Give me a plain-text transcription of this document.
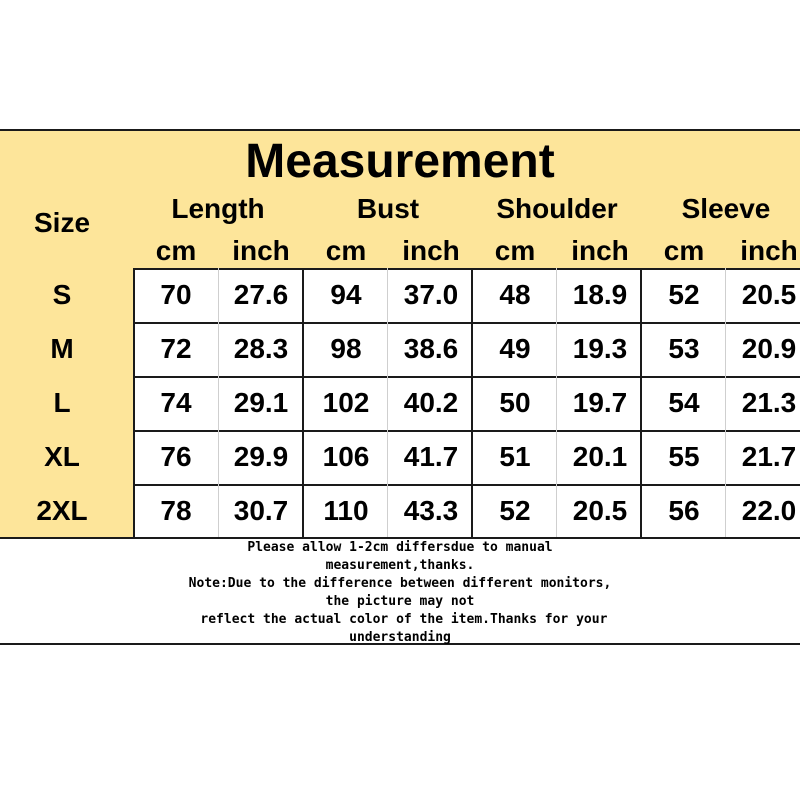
Measurement
Size	Length	Bust	Shoulder	Sleeve
cm	inch	cm	inch	cm	inch	cm	inch
S	70	27.6	94	37.0	48	18.9	52	20.5
M	72	28.3	98	38.6	49	19.3	53	20.9
L	74	29.1	102	40.2	50	19.7	54	21.3
XL	76	29.9	106	41.7	51	20.1	55	21.7
2XL	78	30.7	110	43.3	52	20.5	56	22.0
Please allow 1-2cm differsdue to manual
measurement,thanks.
Note:Due to the difference between different monitors,
the picture may not
reflect the actual color of the item.Thanks for your
understanding
